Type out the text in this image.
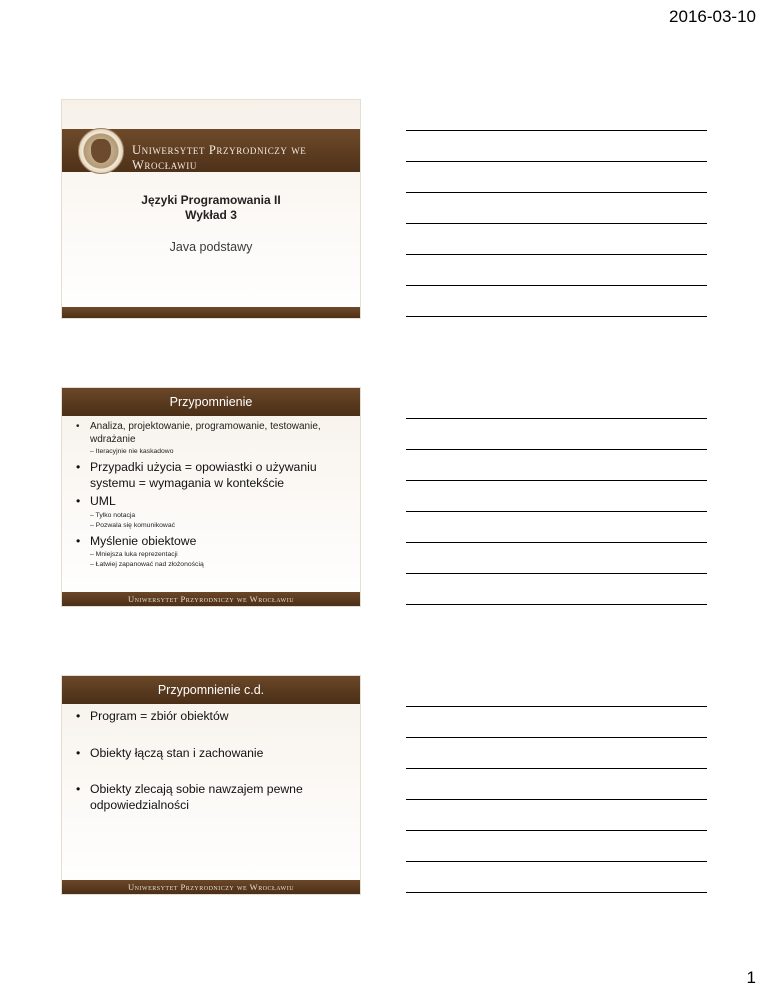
2016-03-10
Uniwersytet Przyrodniczy we Wrocławiu
Języki Programowania II
Wykład 3
Java podstawy
Przypomnienie
• Analiza, projektowanie, programowanie, testowanie, wdrażanie
– Iteracyjnie nie kaskadowo
• Przypadki użycia = opowiastki o używaniu systemu = wymagania w kontekście
• UML
– Tylko notacja
– Pozwala się komunikować
• Myślenie obiektowe
– Mniejsza luka reprezentacji
– Łatwiej zapanować nad złożonością
Uniwersytet Przyrodniczy we Wrocławiu
Przypomnienie c.d.
• Program = zbiór obiektów
• Obiekty łączą stan i zachowanie
• Obiekty zlecają sobie nawzajem pewne odpowiedzialności
Uniwersytet Przyrodniczy we Wrocławiu
1
